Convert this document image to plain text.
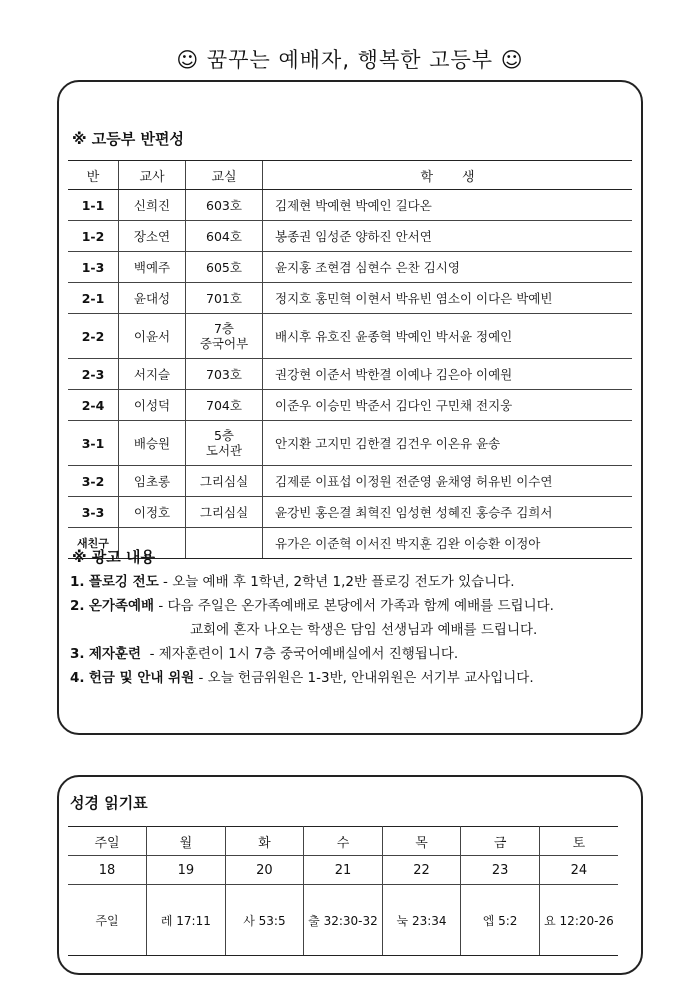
☺ 꿈꾸는 예배자, 행복한 고등부 ☺
※ 고등부 반편성
반	교사	교실	학       생
1-1	신희진	603호	김제현 박예현 박예인 길다온
1-2	장소연	604호	봉종권 임성준 양하진 안서연
1-3	백예주	605호	윤지홍 조현겸 심현수 은찬 김시영
2-1	윤대성	701호	정지호 홍민혁 이현서 박유빈 염소이 이다은 박예빈
2-2	이윤서	7층
중국어부	배시후 유호진 윤종혁 박예인 박서윤 정예인
2-3	서지슬	703호	권강현 이준서 박한결 이예나 김은아 이예원
2-4	이성덕	704호	이준우 이승민 박준서 김다인 구민채 전지웅
3-1	배승원	5층
도서관	안지환 고지민 김한결 김건우 이온유 윤송
3-2	임초롱	그리심실	김제룬 이표섭 이정원 전준영 윤채영 허유빈 이수연
3-3	이정호	그리심실	윤강빈 홍은결 최혁진 임성현 성혜진 홍승주 김희서
새친구			유가은 이준혁 이서진 박지훈 김완 이승환 이정아
※ 광고 내용
1. 플로깅 전도 - 오늘 예배 후 1학년, 2학년 1,2반 플로깅 전도가 있습니다.
2. 온가족예배 - 다음 주일은 온가족예배로 본당에서 가족과 함께 예배를 드립니다.
교회에 혼자 나오는 학생은 담임 선생님과 예배를 드립니다.
3. 제자훈련  - 제자훈련이 1시 7층 중국어예배실에서 진행됩니다.
4. 헌금 및 안내 위원 - 오늘 헌금위원은 1-3반, 안내위원은 서기부 교사입니다.
성경 읽기표
주일	월	화	수	목	금	토
18	19	20	21	22	23	24
주일	레 17:11	사 53:5	출 32:30-32	눅 23:34	엡 5:2	요 12:20-26
